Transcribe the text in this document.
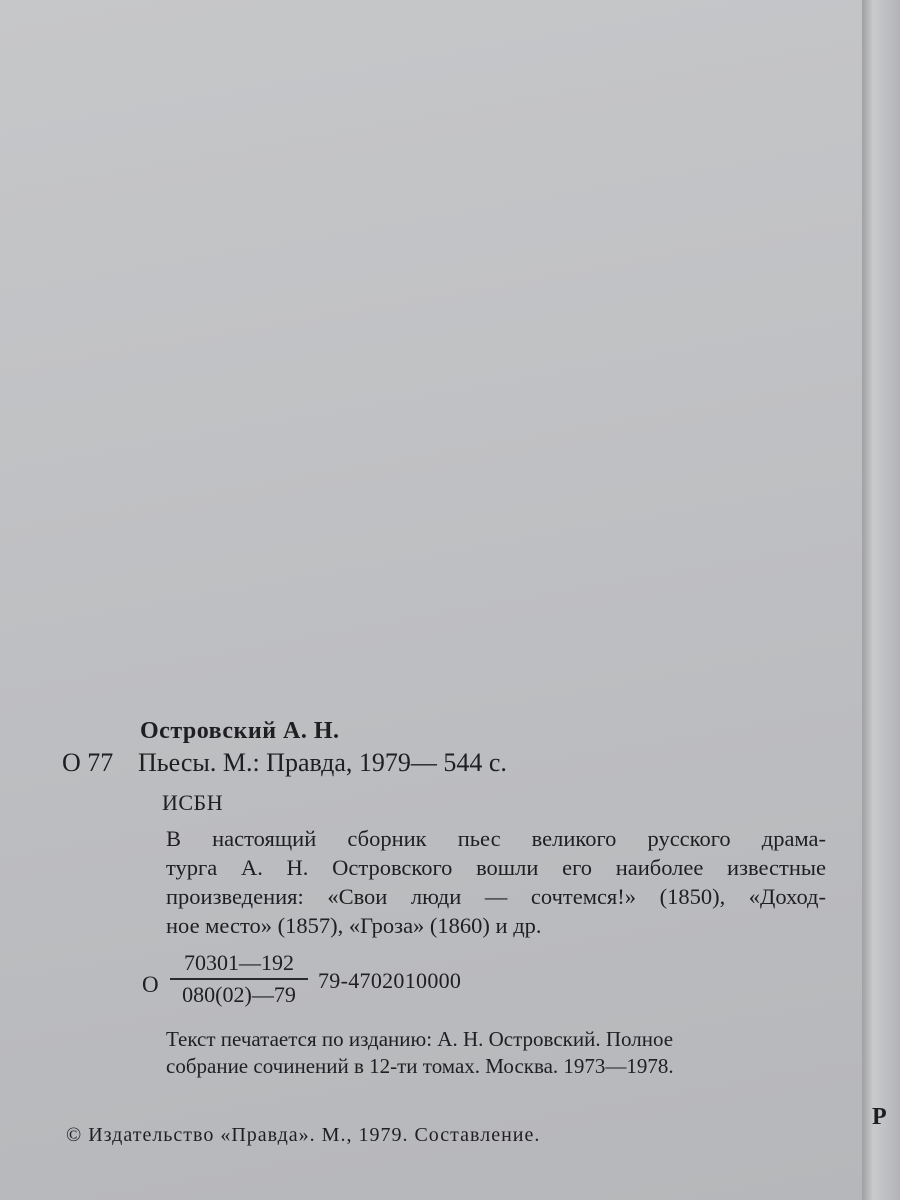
Островский А. Н.
О 77 Пьесы. М.: Правда, 1979— 544 с.
ИСБН
В настоящий сборник пьес великого русского драма-
турга А. Н. Островского вошли его наиболее известные
произведения: «Свои люди — сочтемся!» (1850), «Доход-
ное место» (1857), «Гроза» (1860) и др.
О $\frac{70301—192}{080(02)—79} 79-4702010000$
Текст печатается по изданию: А. Н. Островский. Полное
собрание сочинений в 12-ти томах. Москва. 1973—1978.
Р
© Издательство «Правда». М., 1979. Составление.
